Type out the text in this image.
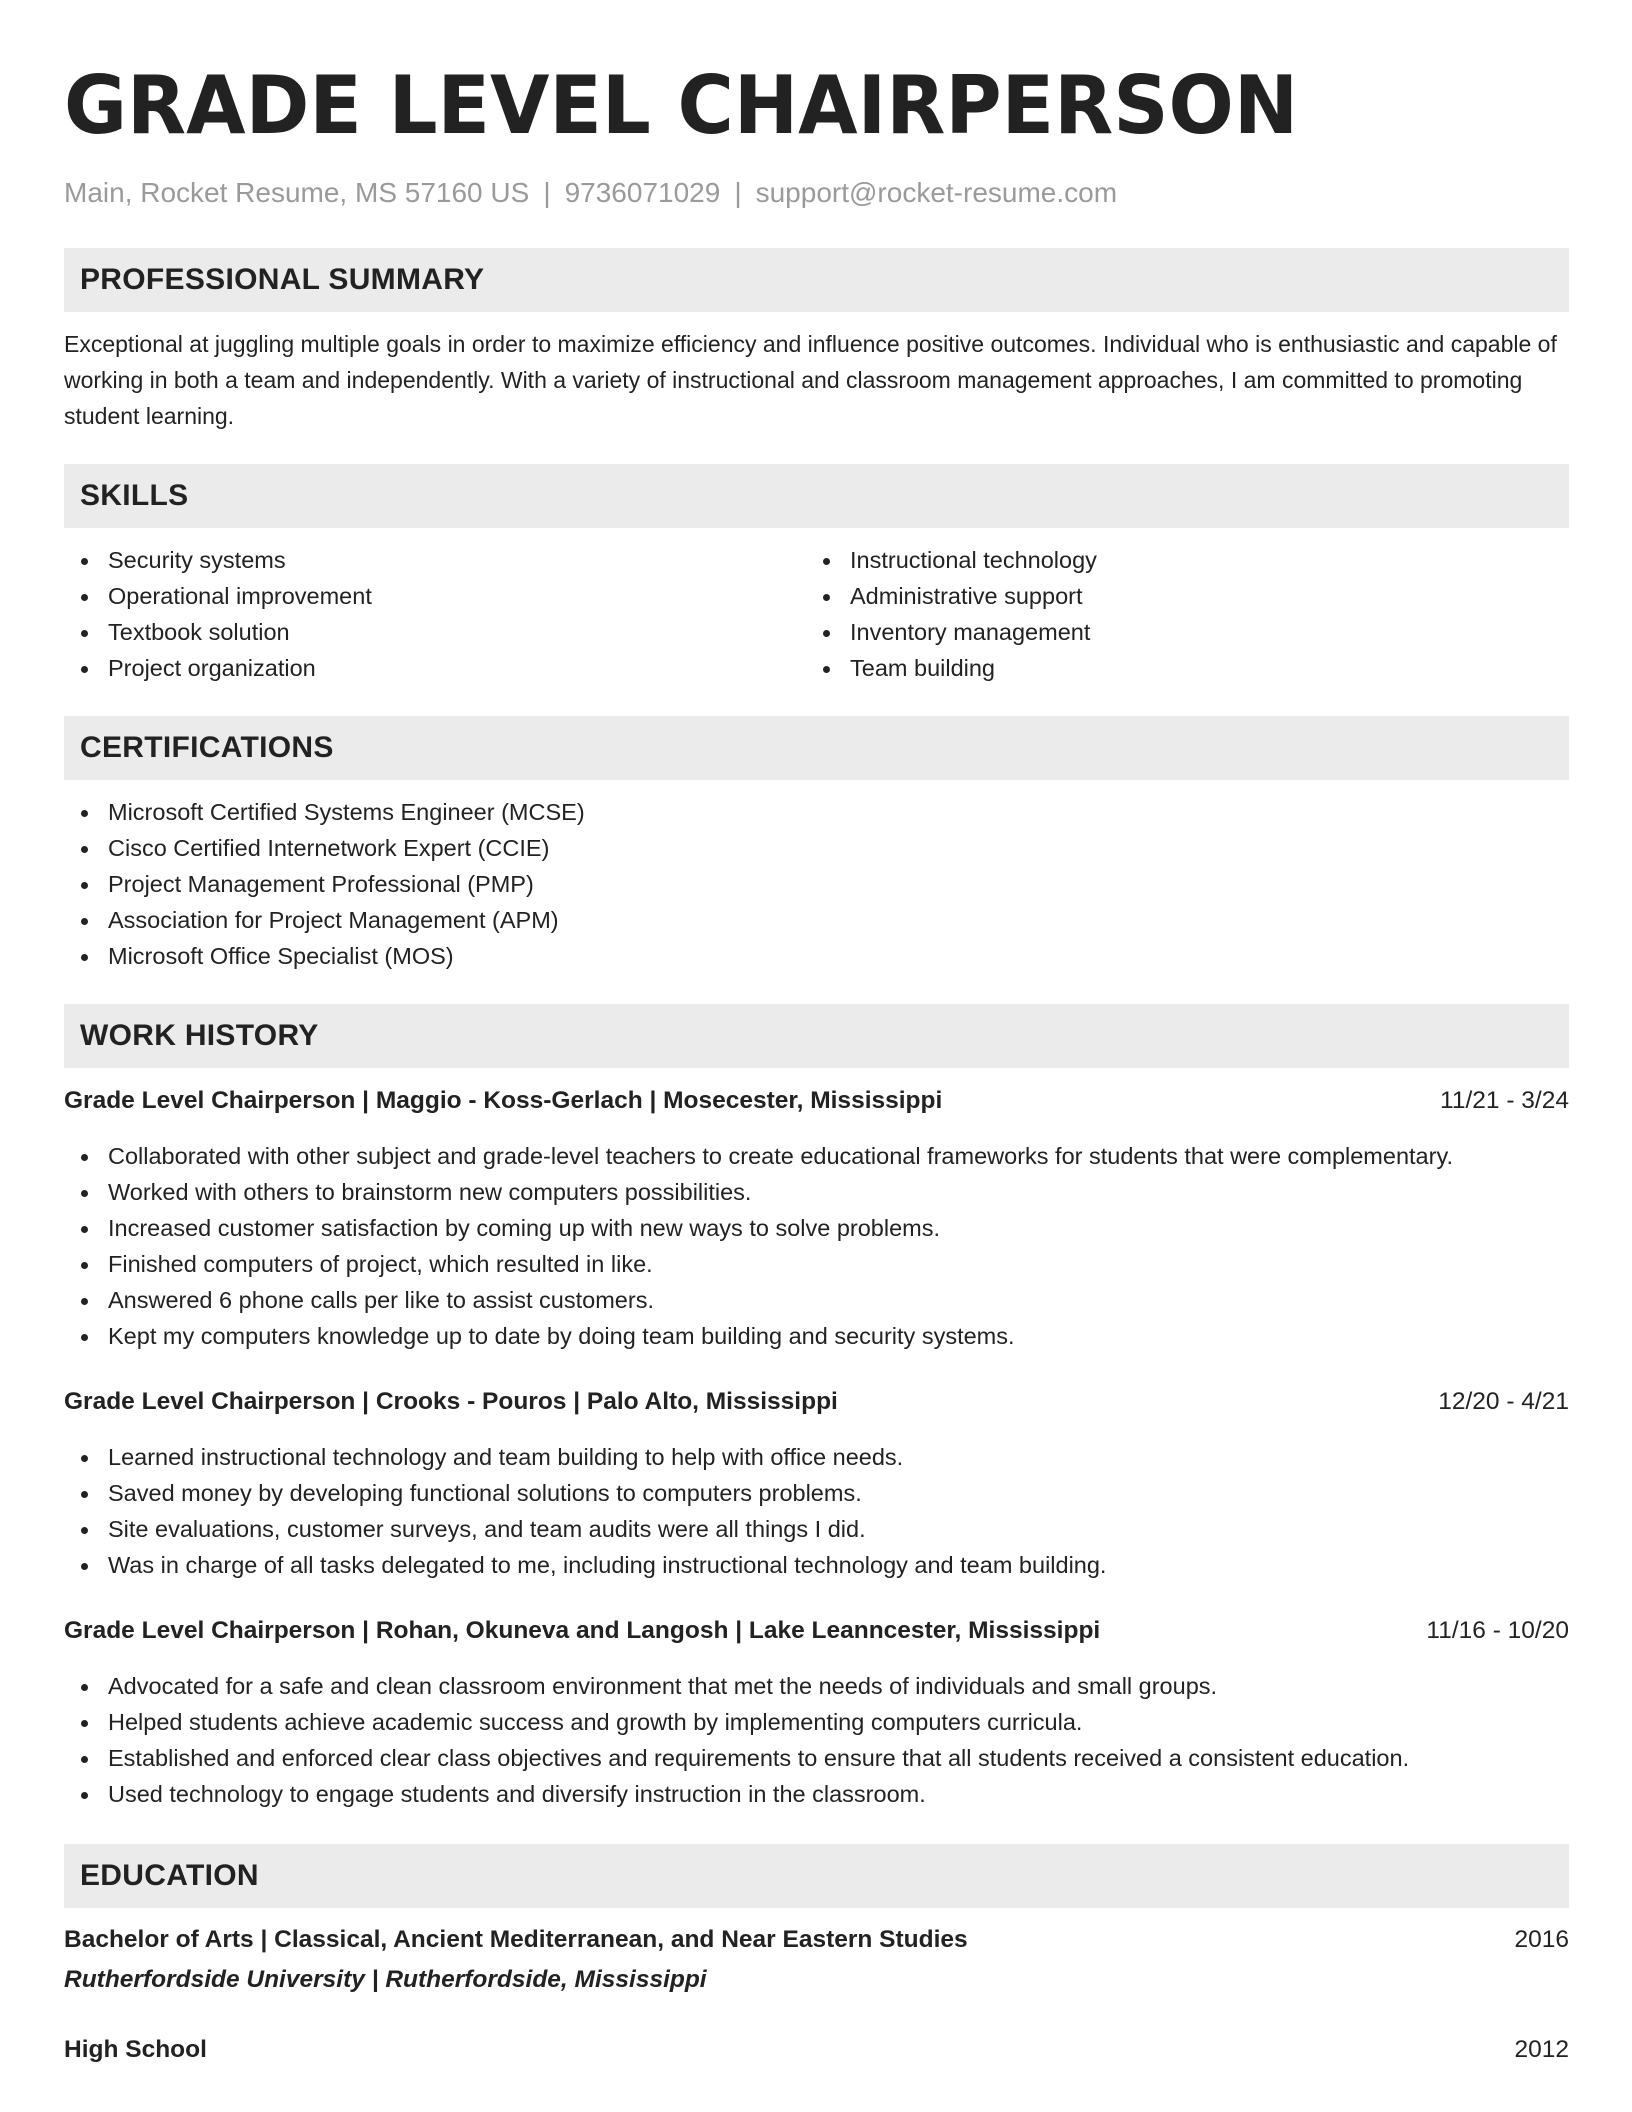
GRADE LEVEL CHAIRPERSON
Main, Rocket Resume, MS 57160 US | 9736071029 | support@rocket-resume.com
PROFESSIONAL SUMMARY

Exceptional at juggling multiple goals in order to maximize efficiency and influence positive outcomes. Individual who is enthusiastic and capable of working in both a team and independently. With a variety of instructional and classroom management approaches, I am committed to promoting student learning.

SKILLS
Security systems
Operational improvement
Textbook solution
Project organization
Instructional technology
Administrative support
Inventory management
Team building
CERTIFICATIONS
Microsoft Certified Systems Engineer (MCSE)
Cisco Certified Internetwork Expert (CCIE)
Project Management Professional (PMP)
Association for Project Management (APM)
Microsoft Office Specialist (MOS)
WORK HISTORY
Grade Level Chairperson | Maggio - Koss-Gerlach | Mosecester, Mississippi	11/21 - 3/24
Collaborated with other subject and grade-level teachers to create educational frameworks for students that were complementary.
Worked with others to brainstorm new computers possibilities.
Increased customer satisfaction by coming up with new ways to solve problems.
Finished computers of project, which resulted in like.
Answered 6 phone calls per like to assist customers.
Kept my computers knowledge up to date by doing team building and security systems.
Grade Level Chairperson | Crooks - Pouros | Palo Alto, Mississippi	12/20 - 4/21
Learned instructional technology and team building to help with office needs.
Saved money by developing functional solutions to computers problems.
Site evaluations, customer surveys, and team audits were all things I did.
Was in charge of all tasks delegated to me, including instructional technology and team building.
Grade Level Chairperson | Rohan, Okuneva and Langosh | Lake Leanncester, Mississippi	11/16 - 10/20
Advocated for a safe and clean classroom environment that met the needs of individuals and small groups.
Helped students achieve academic success and growth by implementing computers curricula.
Established and enforced clear class objectives and requirements to ensure that all students received a consistent education.
Used technology to engage students and diversify instruction in the classroom.
EDUCATION
Bachelor of Arts | Classical, Ancient Mediterranean, and Near Eastern Studies	2016
Rutherfordside University | Rutherfordside, Mississippi
High School	2012
